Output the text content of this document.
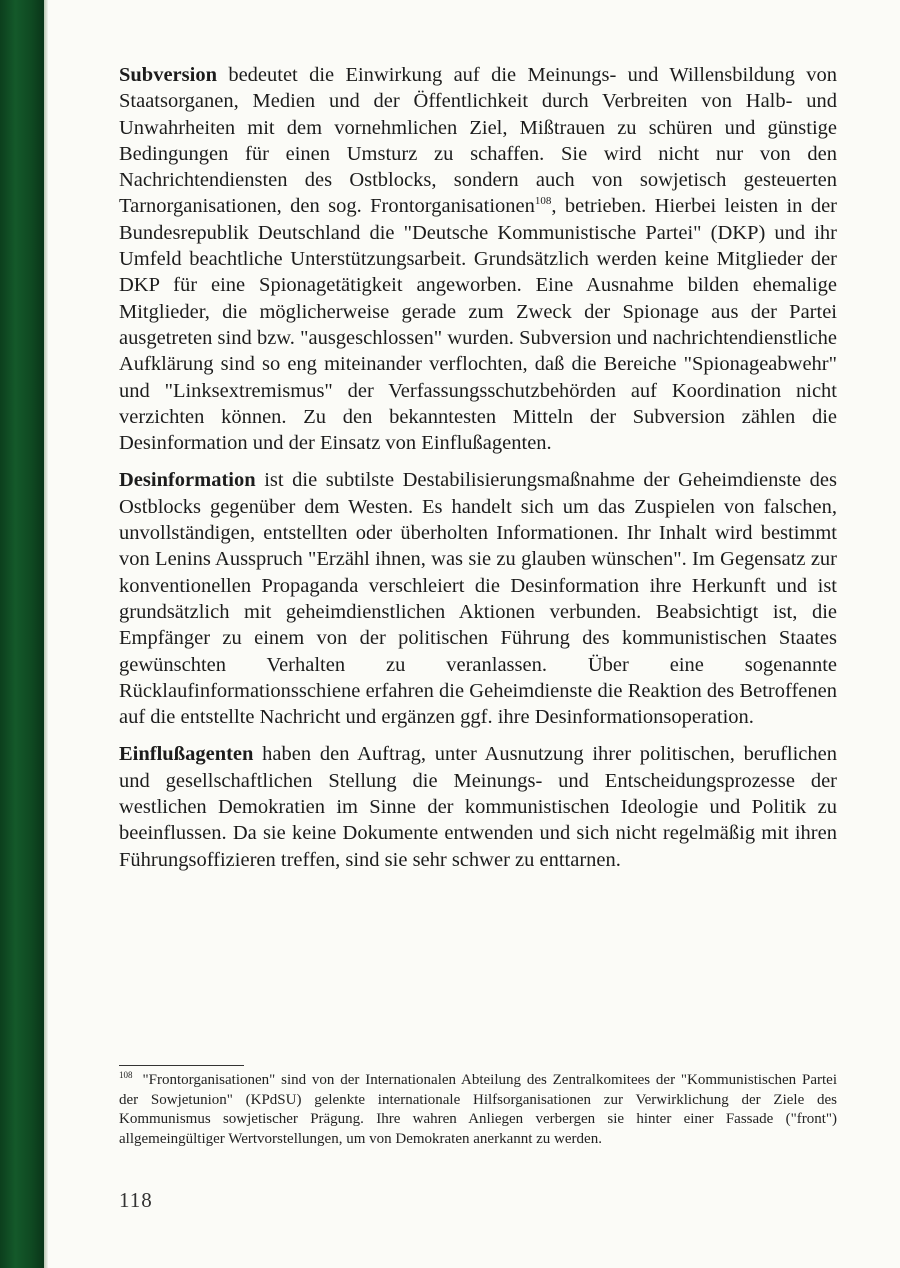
Subversion bedeutet die Einwirkung auf die Meinungs- und Willensbildung von Staatsorganen, Medien und der Öffentlichkeit durch Verbreiten von Halb- und Unwahrheiten mit dem vornehmlichen Ziel, Mißtrauen zu schüren und günstige Bedingungen für einen Umsturz zu schaffen. Sie wird nicht nur von den Nachrichtendiensten des Ostblocks, sondern auch von sowjetisch gesteuerten Tarnorganisationen, den sog. Frontorganisationen$^{108}$, betrieben. Hierbei leisten in der Bundesrepublik Deutschland die "Deutsche Kommunistische Partei" (DKP) und ihr Umfeld beachtliche Unterstützungsarbeit. Grundsätzlich werden keine Mitglieder der DKP für eine Spionagetätigkeit angeworben. Eine Ausnahme bilden ehemalige Mitglieder, die möglicherweise gerade zum Zweck der Spionage aus der Partei ausgetreten sind bzw. "ausgeschlossen" wurden. Subversion und nachrichtendienstliche Aufklärung sind so eng miteinander verflochten, daß die Bereiche "Spionageabwehr" und "Linksextremismus" der Verfassungsschutzbehörden auf Koordination nicht verzichten können. Zu den bekanntesten Mitteln der Subversion zählen die Desinformation und der Einsatz von Einflußagenten.

Desinformation ist die subtilste Destabilisierungsmaßnahme der Geheimdienste des Ostblocks gegenüber dem Westen. Es handelt sich um das Zuspielen von falschen, unvollständigen, entstellten oder überholten Informationen. Ihr Inhalt wird bestimmt von Lenins Ausspruch "Erzähl ihnen, was sie zu glauben wünschen". Im Gegensatz zur konventionellen Propaganda verschleiert die Desinformation ihre Herkunft und ist grundsätzlich mit geheimdienstlichen Aktionen verbunden. Beabsichtigt ist, die Empfänger zu einem von der politischen Führung des kommunistischen Staates gewünschten Verhalten zu veranlassen. Über eine sogenannte Rücklaufinformationsschiene erfahren die Geheimdienste die Reaktion des Betroffenen auf die entstellte Nachricht und ergänzen ggf. ihre Desinformationsoperation.

Einflußagenten haben den Auftrag, unter Ausnutzung ihrer politischen, beruflichen und gesellschaftlichen Stellung die Meinungs- und Entscheidungsprozesse der westlichen Demokratien im Sinne der kommunistischen Ideologie und Politik zu beeinflussen. Da sie keine Dokumente entwenden und sich nicht regelmäßig mit ihren Führungsoffizieren treffen, sind sie sehr schwer zu enttarnen.

$^{108}$ "Frontorganisationen" sind von der Internationalen Abteilung des Zentralkomitees der "Kommunistischen Partei der Sowjetunion" (KPdSU) gelenkte internationale Hilfsorganisationen zur Verwirklichung der Ziele des Kommunismus sowjetischer Prägung. Ihre wahren Anliegen verbergen sie hinter einer Fassade ("front") allgemeingültiger Wertvorstellungen, um von Demokraten anerkannt zu werden.
118
